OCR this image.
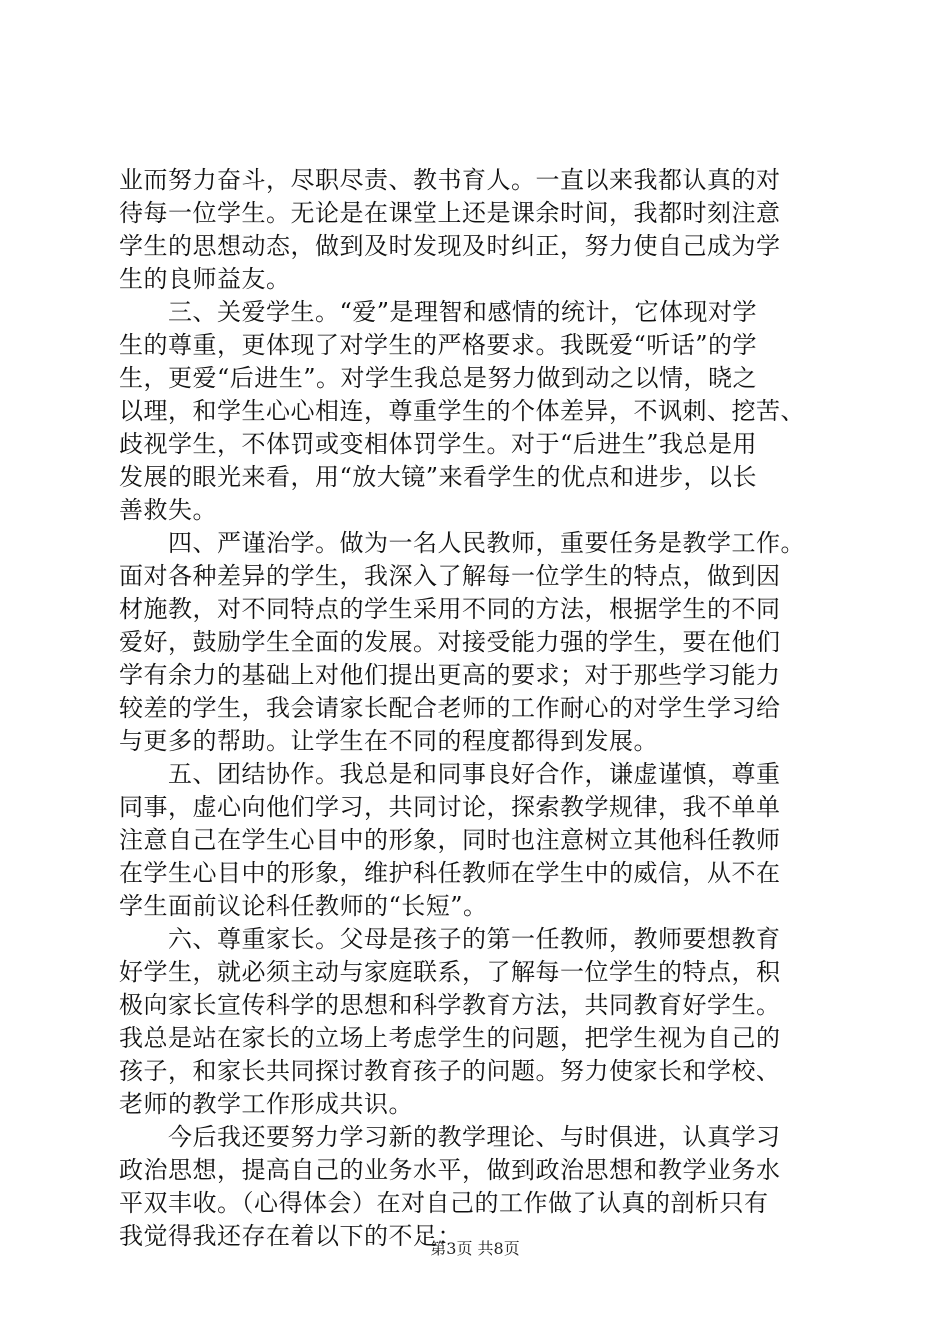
业而努力奋斗，尽职尽责、教书育人。一直以来我都认真的对
待每一位学生。无论是在课堂上还是课余时间，我都时刻注意
学生的思想动态，做到及时发现及时纠正，努力使自己成为学
生的良师益友。
　　三、关爱学生。“爱”是理智和感情的统计，它体现对学
生的尊重，更体现了对学生的严格要求。我既爱“听话”的学
生，更爱“后进生”。对学生我总是努力做到动之以情，晓之
以理，和学生心心相连，尊重学生的个体差异，不讽刺、挖苦、
歧视学生，不体罚或变相体罚学生。对于“后进生”我总是用
发展的眼光来看，用“放大镜”来看学生的优点和进步，以长
善救失。
　　四、严谨治学。做为一名人民教师，重要任务是教学工作。
面对各种差异的学生，我深入了解每一位学生的特点，做到因
材施教，对不同特点的学生采用不同的方法，根据学生的不同
爱好，鼓励学生全面的发展。对接受能力强的学生，要在他们
学有余力的基础上对他们提出更高的要求；对于那些学习能力
较差的学生，我会请家长配合老师的工作耐心的对学生学习给
与更多的帮助。让学生在不同的程度都得到发展。
　　五、团结协作。我总是和同事良好合作，谦虚谨慎，尊重
同事，虚心向他们学习，共同讨论，探索教学规律，我不单单
注意自己在学生心目中的形象，同时也注意树立其他科任教师
在学生心目中的形象，维护科任教师在学生中的威信，从不在
学生面前议论科任教师的“长短”。
　　六、尊重家长。父母是孩子的第一任教师，教师要想教育
好学生，就必须主动与家庭联系，了解每一位学生的特点，积
极向家长宣传科学的思想和科学教育方法，共同教育好学生。
我总是站在家长的立场上考虑学生的问题，把学生视为自己的
孩子，和家长共同探讨教育孩子的问题。努力使家长和学校、
老师的教学工作形成共识。
　　今后我还要努力学习新的教学理论、与时俱进，认真学习
政治思想，提高自己的业务水平，做到政治思想和教学业务水
平双丰收。（心得体会）在对自己的工作做了认真的剖析只有
我觉得我还存在着以下的不足：
第3页 共8页
